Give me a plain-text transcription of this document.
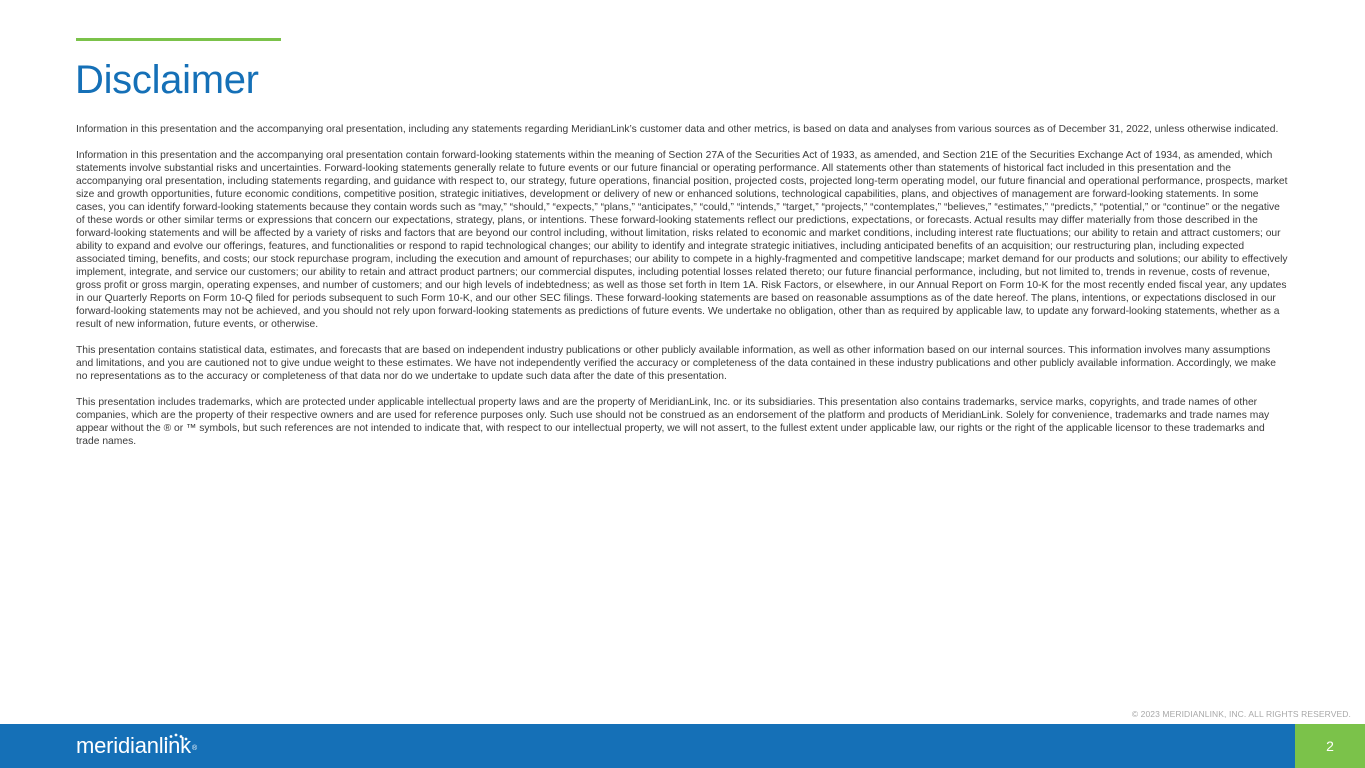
Disclaimer

Information in this presentation and the accompanying oral presentation, including any statements regarding MeridianLink’s customer data and other metrics, is based on data and analyses from various sources as of December 31, 2022, unless otherwise indicated.

Information in this presentation and the accompanying oral presentation contain forward-looking statements within the meaning of Section 27A of the Securities Act of 1933, as amended, and Section 21E of the Securities Exchange Act of 1934, as amended, which statements involve substantial risks and uncertainties. Forward-looking statements generally relate to future events or our future financial or operating performance. All statements other than statements of historical fact included in this presentation and the accompanying oral presentation, including statements regarding, and guidance with respect to, our strategy, future operations, financial position, projected costs, projected long-term operating model, our future financial and operational performance, prospects, market size and growth opportunities, future economic conditions, competitive position, strategic initiatives, development or delivery of new or enhanced solutions, technological capabilities, plans, and objectives of management are forward-looking statements. In some cases, you can identify forward-looking statements because they contain words such as “may,” “should,” “expects,” “plans,” “anticipates,” “could,” “intends,” “target,” “projects,” “contemplates,” “believes,” “estimates,” “predicts,” “potential,” or “continue” or the negative of these words or other similar terms or expressions that concern our expectations, strategy, plans, or intentions. These forward-looking statements reflect our predictions, expectations, or forecasts. Actual results may differ materially from those described in the forward-looking statements and will be affected by a variety of risks and factors that are beyond our control including, without limitation, risks related to economic and market conditions, including interest rate fluctuations; our ability to retain and attract customers; our ability to expand and evolve our offerings, features, and functionalities or respond to rapid technological changes; our ability to identify and integrate strategic initiatives, including anticipated benefits of an acquisition; our restructuring plan, including expected associated timing, benefits, and costs; our stock repurchase program, including the execution and amount of repurchases; our ability to compete in a highly-fragmented and competitive landscape; market demand for our products and solutions; our ability to effectively implement, integrate, and service our customers; our ability to retain and attract product partners; our commercial disputes, including potential losses related thereto; our future financial performance, including, but not limited to, trends in revenue, costs of revenue, gross profit or gross margin, operating expenses, and number of customers; and our high levels of indebtedness; as well as those set forth in Item 1A. Risk Factors, or elsewhere, in our Annual Report on Form 10-K for the most recently ended fiscal year, any updates in our Quarterly Reports on Form 10-Q filed for periods subsequent to such Form 10-K, and our other SEC filings. These forward-looking statements are based on reasonable assumptions as of the date hereof. The plans, intentions, or expectations disclosed in our forward-looking statements may not be achieved, and you should not rely upon forward-looking statements as predictions of future events. We undertake no obligation, other than as required by applicable law, to update any forward-looking statements, whether as a result of new information, future events, or otherwise.

This presentation contains statistical data, estimates, and forecasts that are based on independent industry publications or other publicly available information, as well as other information based on our internal sources. This information involves many assumptions and limitations, and you are cautioned not to give undue weight to these estimates. We have not independently verified the accuracy or completeness of the data contained in these industry publications and other publicly available information. Accordingly, we make no representations as to the accuracy or completeness of that data nor do we undertake to update such data after the date of this presentation.

This presentation includes trademarks, which are protected under applicable intellectual property laws and are the property of MeridianLink, Inc. or its subsidiaries. This presentation also contains trademarks, service marks, copyrights, and trade names of other companies, which are the property of their respective owners and are used for reference purposes only. Such use should not be construed as an endorsement of the platform and products of MeridianLink. Solely for convenience, trademarks and trade names may appear without the ® or ™ symbols, but such references are not intended to indicate that, with respect to our intellectual property, we will not assert, to the fullest extent under applicable law, our rights or the right of the applicable licensor to these trademarks and trade names.

© 2023 MERIDIANLINK, INC. ALL RIGHTS RESERVED.
meridianlink ®	2
